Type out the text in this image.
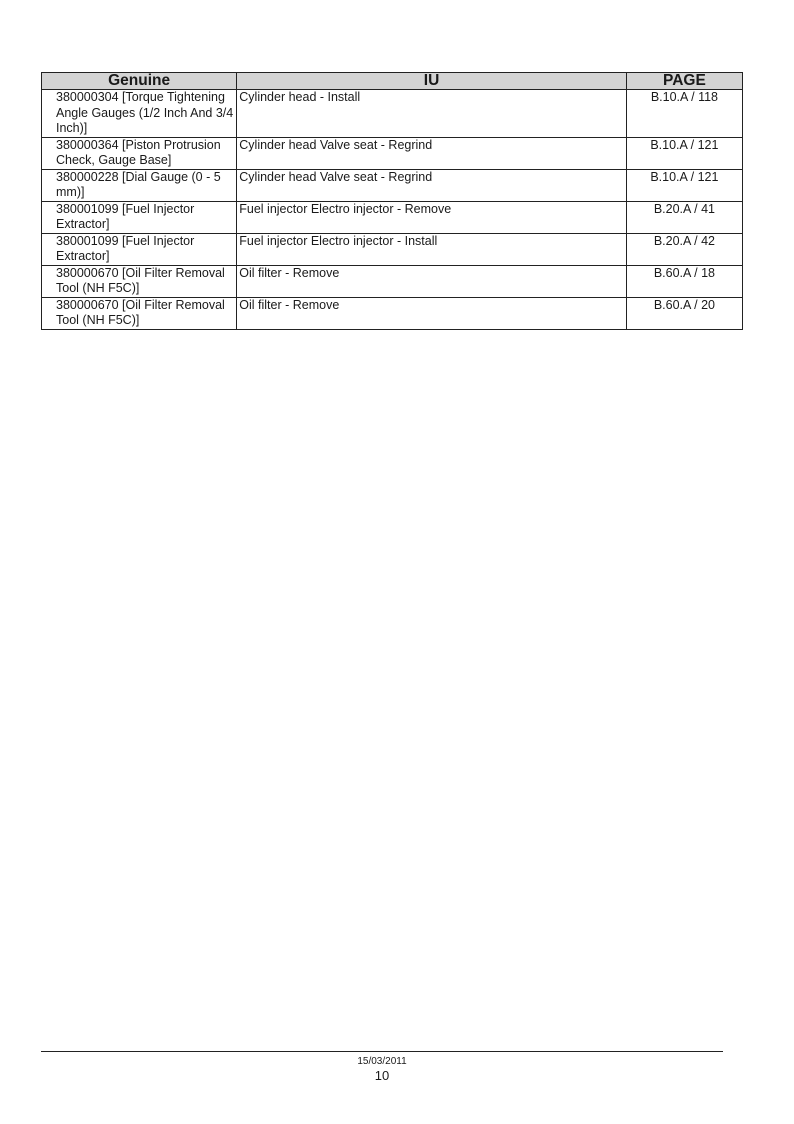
Genuine	IU	PAGE
380000304 [Torque Tightening Angle Gauges (1/2 Inch And 3/4 Inch)]	Cylinder head - Install	B.10.A / 118
380000364 [Piston Protrusion Check, Gauge Base]	Cylinder head Valve seat - Regrind	B.10.A / 121
380000228 [Dial Gauge (0 - 5 mm)]	Cylinder head Valve seat - Regrind	B.10.A / 121
380001099 [Fuel Injector Extractor]	Fuel injector Electro injector - Remove	B.20.A / 41
380001099 [Fuel Injector Extractor]	Fuel injector Electro injector - Install	B.20.A / 42
380000670 [Oil Filter Removal Tool (NH F5C)]	Oil filter - Remove	B.60.A / 18
380000670 [Oil Filter Removal Tool (NH F5C)]	Oil filter - Remove	B.60.A / 20
15/03/2011
10
